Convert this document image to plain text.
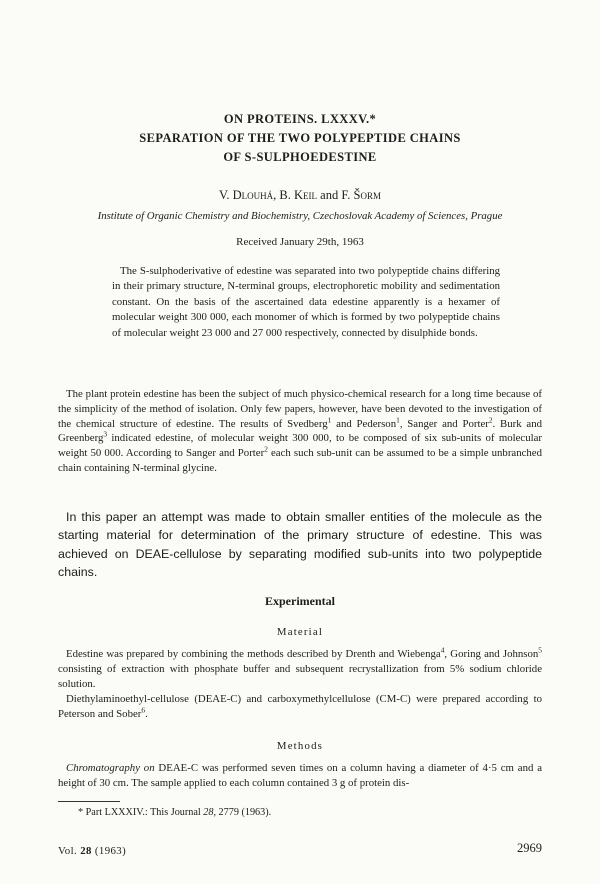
ON PROTEINS. LXXXV.*
SEPARATION OF THE TWO POLYPEPTIDE CHAINS
OF S-SULPHOEDESTINE
V. Dlouhá, B. Keil and F. Šorm
Institute of Organic Chemistry and Biochemistry, Czechoslovak Academy of Sciences, Prague
Received January 29th, 1963

The S-sulphoderivative of edestine was separated into two polypeptide chains differing in their primary structure, N-terminal groups, electrophoretic mobility and sedimentation constant. On the basis of the ascertained data edestine apparently is a hexamer of molecular weight 300 000, each monomer of which is formed by two polypeptide chains of molecular weight 23 000 and 27 000 respectively, connected by disulphide bonds.

The plant protein edestine has been the subject of much physico-chemical research for a long time because of the simplicity of the method of isolation. Only few papers, however, have been devoted to the investigation of the chemical structure of edestine. The results of Svedberg$^1$ and Pederson$^1$, Sanger and Porter$^2$. Burk and Greenberg$^3$ indicated edestine, of molecular weight 300 000, to be composed of six sub-units of molecular weight 50 000. According to Sanger and Porter$^2$ each such sub-unit can be assumed to be a simple unbranched chain containing N-terminal glycine.

In this paper an attempt was made to obtain smaller entities of the molecule as the starting material for determination of the primary structure of edestine. This was achieved on DEAE-cellulose by separating modified sub-units into two polypeptide chains.

Experimental
Material

Edestine was prepared by combining the methods described by Drenth and Wiebenga$^4$, Goring and Johnson$^5$ consisting of extraction with phosphate buffer and subsequent recrystallization from 5% sodium chloride solution.

Diethylaminoethyl-cellulose (DEAE-C) and carboxymethylcellulose (CM-C) were prepared according to Peterson and Sober$^6$.

Methods

Chromatography on DEAE-C was performed seven times on a column having a diameter of 4·5 cm and a height of 30 cm. The sample applied to each column contained 3 g of protein dis-

* Part LXXXIV.: This Journal 28, 2779 (1963).
Vol. 28 (1963)	2969
